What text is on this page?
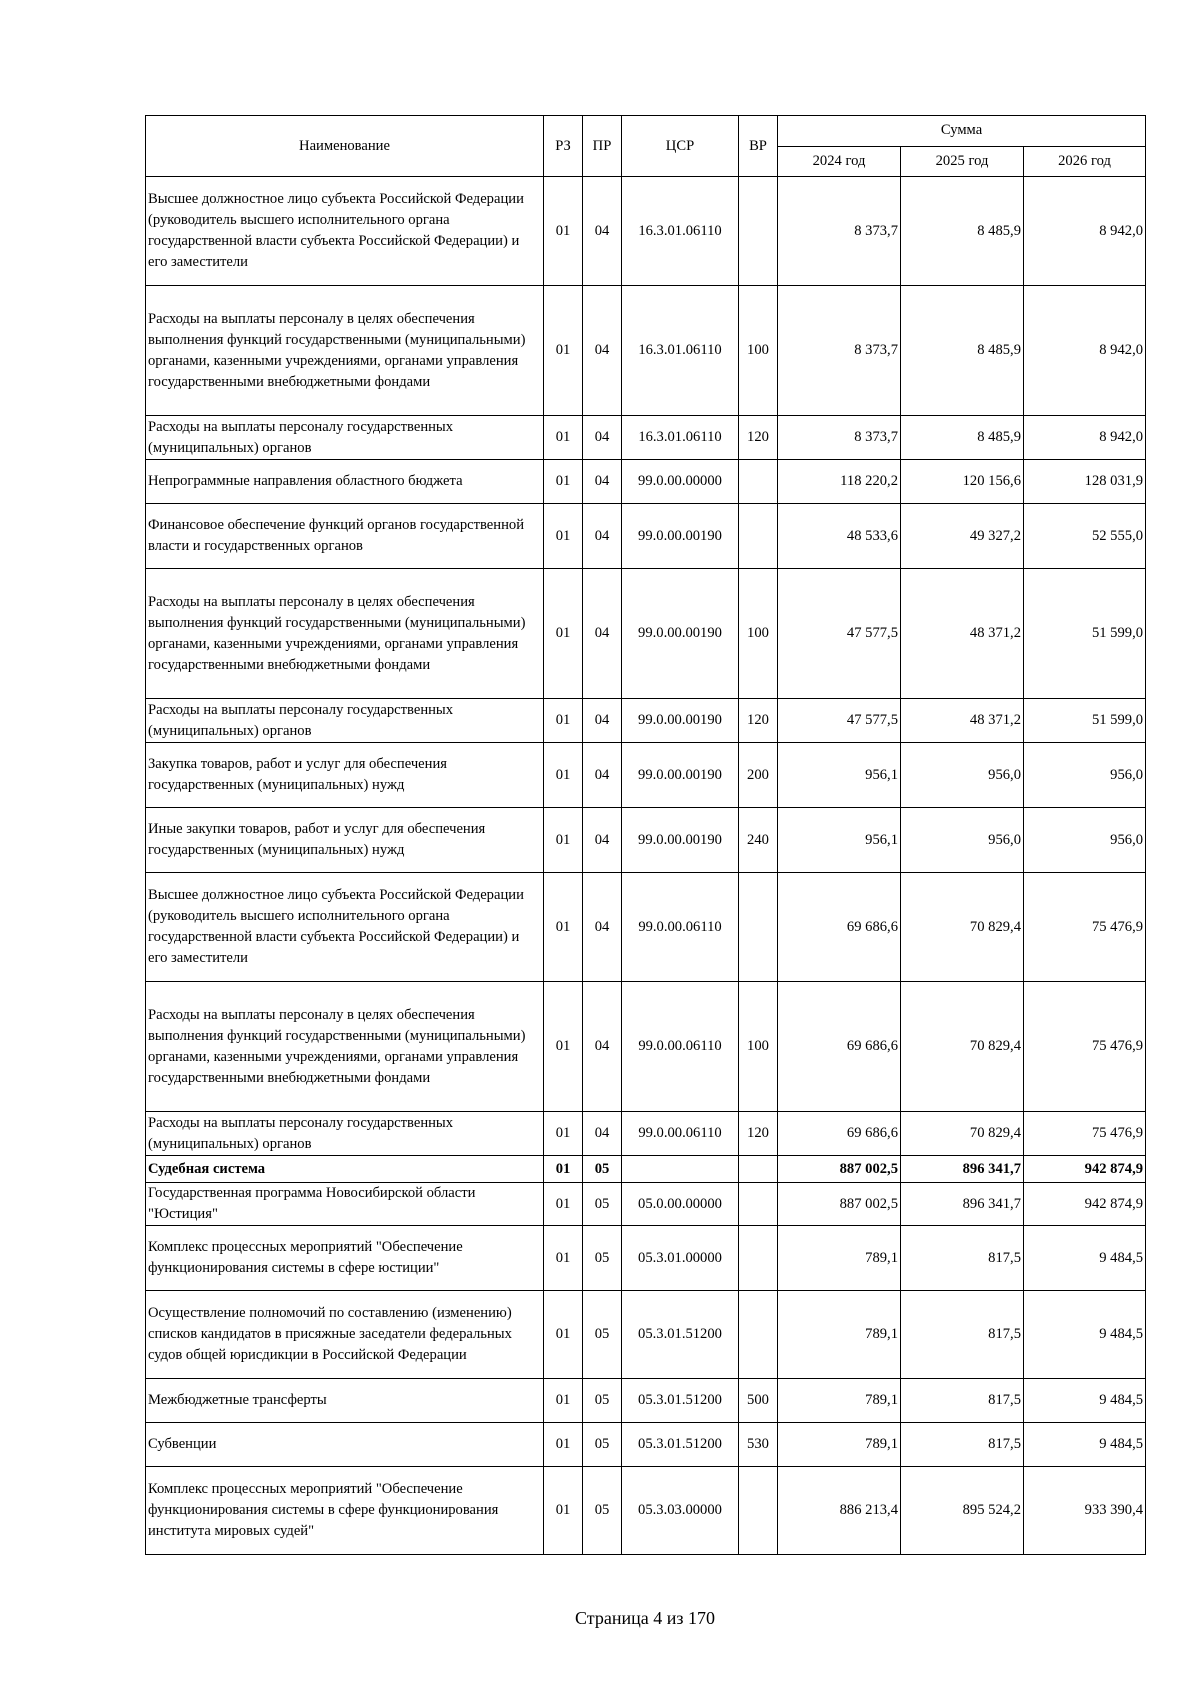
Наименование	РЗ	ПР	ЦСР	ВР	Сумма		
					2024 год	2025 год	2026 год
Высшее должностное лицо субъекта Российской Федерации (руководитель высшего исполнительного органа государственной власти субъекта Российской Федерации) и его заместители	01	04	16.3.01.06110		8 373,7	8 485,9	8 942,0
Расходы на выплаты персоналу в целях обеспечения выполнения функций государственными (муниципальными) органами, казенными учреждениями, органами управления государственными внебюджетными фондами	01	04	16.3.01.06110	100	8 373,7	8 485,9	8 942,0
Расходы на выплаты персоналу государственных (муниципальных) органов	01	04	16.3.01.06110	120	8 373,7	8 485,9	8 942,0
Непрограммные направления областного бюджета	01	04	99.0.00.00000		118 220,2	120 156,6	128 031,9
Финансовое обеспечение функций органов государственной власти и государственных органов	01	04	99.0.00.00190		48 533,6	49 327,2	52 555,0
Расходы на выплаты персоналу в целях обеспечения выполнения функций государственными (муниципальными) органами, казенными учреждениями, органами управления государственными внебюджетными фондами	01	04	99.0.00.00190	100	47 577,5	48 371,2	51 599,0
Расходы на выплаты персоналу государственных (муниципальных) органов	01	04	99.0.00.00190	120	47 577,5	48 371,2	51 599,0
Закупка товаров, работ и услуг для обеспечения государственных (муниципальных) нужд	01	04	99.0.00.00190	200	956,1	956,0	956,0
Иные закупки товаров, работ и услуг для обеспечения государственных (муниципальных) нужд	01	04	99.0.00.00190	240	956,1	956,0	956,0
Высшее должностное лицо субъекта Российской Федерации (руководитель высшего исполнительного органа государственной власти субъекта Российской Федерации) и его заместители	01	04	99.0.00.06110		69 686,6	70 829,4	75 476,9
Расходы на выплаты персоналу в целях обеспечения выполнения функций государственными (муниципальными) органами, казенными учреждениями, органами управления государственными внебюджетными фондами	01	04	99.0.00.06110	100	69 686,6	70 829,4	75 476,9
Расходы на выплаты персоналу государственных (муниципальных) органов	01	04	99.0.00.06110	120	69 686,6	70 829,4	75 476,9
Судебная система	01	05			887 002,5	896 341,7	942 874,9
Государственная программа Новосибирской области "Юстиция"	01	05	05.0.00.00000		887 002,5	896 341,7	942 874,9
Комплекс процессных мероприятий "Обеспечение функционирования системы в сфере юстиции"	01	05	05.3.01.00000		789,1	817,5	9 484,5
Осуществление полномочий по составлению (изменению) списков кандидатов в присяжные заседатели федеральных судов общей юрисдикции в Российской Федерации	01	05	05.3.01.51200		789,1	817,5	9 484,5
Межбюджетные трансферты	01	05	05.3.01.51200	500	789,1	817,5	9 484,5
Субвенции	01	05	05.3.01.51200	530	789,1	817,5	9 484,5
Комплекс процессных мероприятий "Обеспечение функционирования системы в сфере функционирования института мировых судей"	01	05	05.3.03.00000		886 213,4	895 524,2	933 390,4
Страница 4 из 170
